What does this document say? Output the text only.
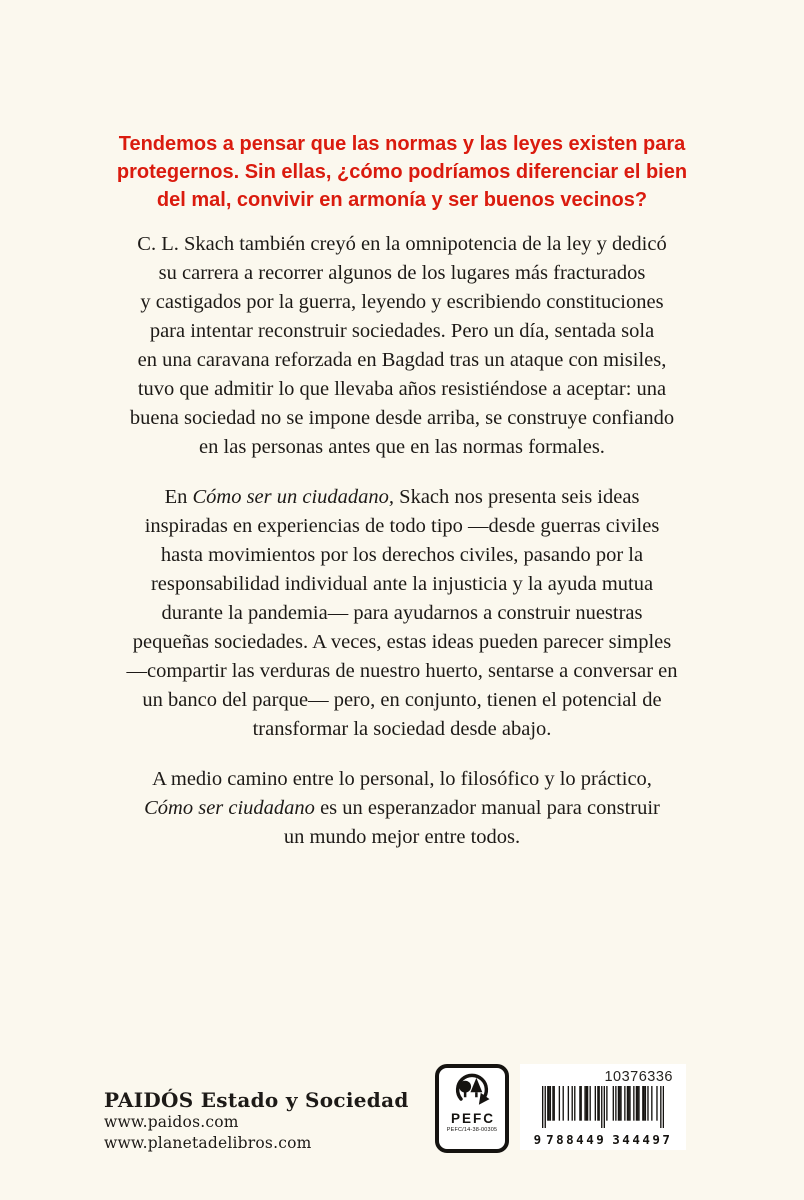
Tendemos a pensar que las normas y las leyes existen para
protegernos. Sin ellas, ¿cómo podríamos diferenciar el bien
del mal, convivir en armonía y ser buenos vecinos?

C. L. Skach también creyó en la omnipotencia de la ley y dedicó
su carrera a recorrer algunos de los lugares más fracturados
y castigados por la guerra, leyendo y escribiendo constituciones
para intentar reconstruir sociedades. Pero un día, sentada sola
en una caravana reforzada en Bagdad tras un ataque con misiles,
tuvo que admitir lo que llevaba años resistiéndose a aceptar: una
buena sociedad no se impone desde arriba, se construye confiando
en las personas antes que en las normas formales.

En Cómo ser un ciudadano, Skach nos presenta seis ideas
inspiradas en experiencias de todo tipo —desde guerras civiles
hasta movimientos por los derechos civiles, pasando por la
responsabilidad individual ante la injusticia y la ayuda mutua
durante la pandemia— para ayudarnos a construir nuestras
pequeñas sociedades. A veces, estas ideas pueden parecer simples
—compartir las verduras de nuestro huerto, sentarse a conversar en
un banco del parque— pero, en conjunto, tienen el potencial de
transformar la sociedad desde abajo.

A medio camino entre lo personal, lo filosófico y lo práctico,
Cómo ser ciudadano es un esperanzador manual para construir
un mundo mejor entre todos.

PAIDÓS Estado y Sociedad
www.paidos.com
www.planetadelibros.com
PEFC
PEFC/14-38-00305
10376336
9 788449 344497
